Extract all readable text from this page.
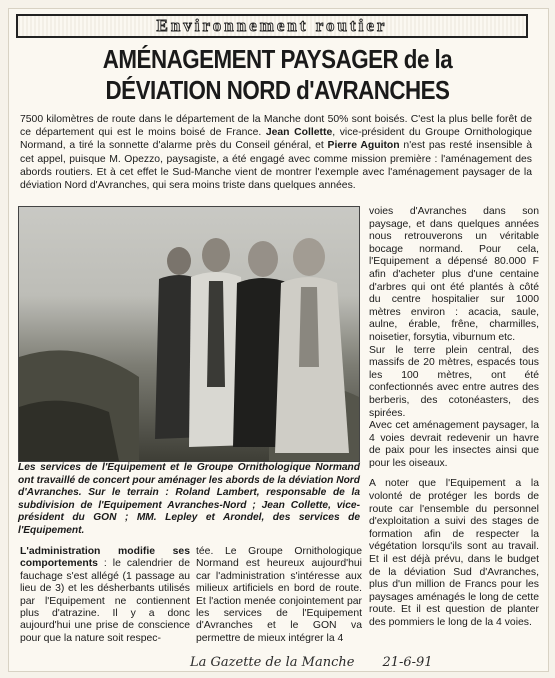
Environnement routier
AMÉNAGEMENT PAYSAGER de la
DÉVIATION NORD d'AVRANCHES
7500 kilomètres de route dans le département de la Manche dont 50% sont boisés. C'est la plus belle forêt de ce département qui est le moins boisé de France. Jean Collette, vice-président du Groupe Ornithologique Normand, a tiré la sonnette d'alarme près du Conseil général, et Pierre Aguiton n'est pas resté insensible à cet appel, puisque M. Opezzo, paysagiste, a été engagé avec comme mission première : l'aménagement des abords routiers. Et à cet effet le Sud-Manche vient de montrer l'exemple avec l'aménagement paysager de la déviation Nord d'Avranches, qui sera moins triste dans quelques années.
Les services de l'Equipement et le Groupe Ornithologique Normand ont travaillé de concert pour aménager les abords de la déviation Nord d'Avranches. Sur le terrain : Roland Lambert, responsable de la subdivision de l'Equipement Avranches-Nord ; Jean Collette, vice-président du GON ; MM. Lepley et Arondel, des services de l'Equipement.

voies d'Avranches dans son paysage, et dans quelques années nous retrouverons un véritable bocage normand. Pour cela, l'Equipement a dépensé 80.000 F afin d'acheter plus d'une centaine d'arbres qui ont été plantés à côté du centre hospitalier sur 1000 mètres environ : acacia, saule, aulne, érable, frêne, charmilles, noisetier, forsytia, viburnum etc.

Sur le terre plein central, des massifs de 20 mètres, espacés tous les 100 mètres, ont été confectionnés avec entre autres des berberis, des cotonéasters, des spirées.

Avec cet aménagement paysager, la 4 voies devrait redevenir un havre de paix pour les insectes ainsi que pour les oiseaux.

A noter que l'Equipement a la volonté de protéger les bords de route car l'ensemble du personnel d'exploitation a suivi des stages de formation afin de respecter la végétation lorsqu'ils sont au travail. Et il est déjà prévu, dans le budget de la déviation Sud d'Avranches, plus d'un million de Francs pour les paysages aménagés le long de cette route. Et il est question de planter des pommiers le long de la 4 voies.

L'administration modifie ses comportements : le calendrier de fauchage s'est allégé (1 passage au lieu de 3) et les désherbants utilisés par l'Equipement ne contiennent plus d'atrazine. Il y a donc aujourd'hui une prise de conscience pour que la nature soit respec-

tée. Le Groupe Ornithologique Normand est heureux aujourd'hui car l'administration s'intéresse aux milieux artificiels en bord de route. Et l'action menée conjointement par les services de l'Equipement d'Avranches et le GON va permettre de mieux intégrer la 4

La Gazette de la Manche 21-6-91
